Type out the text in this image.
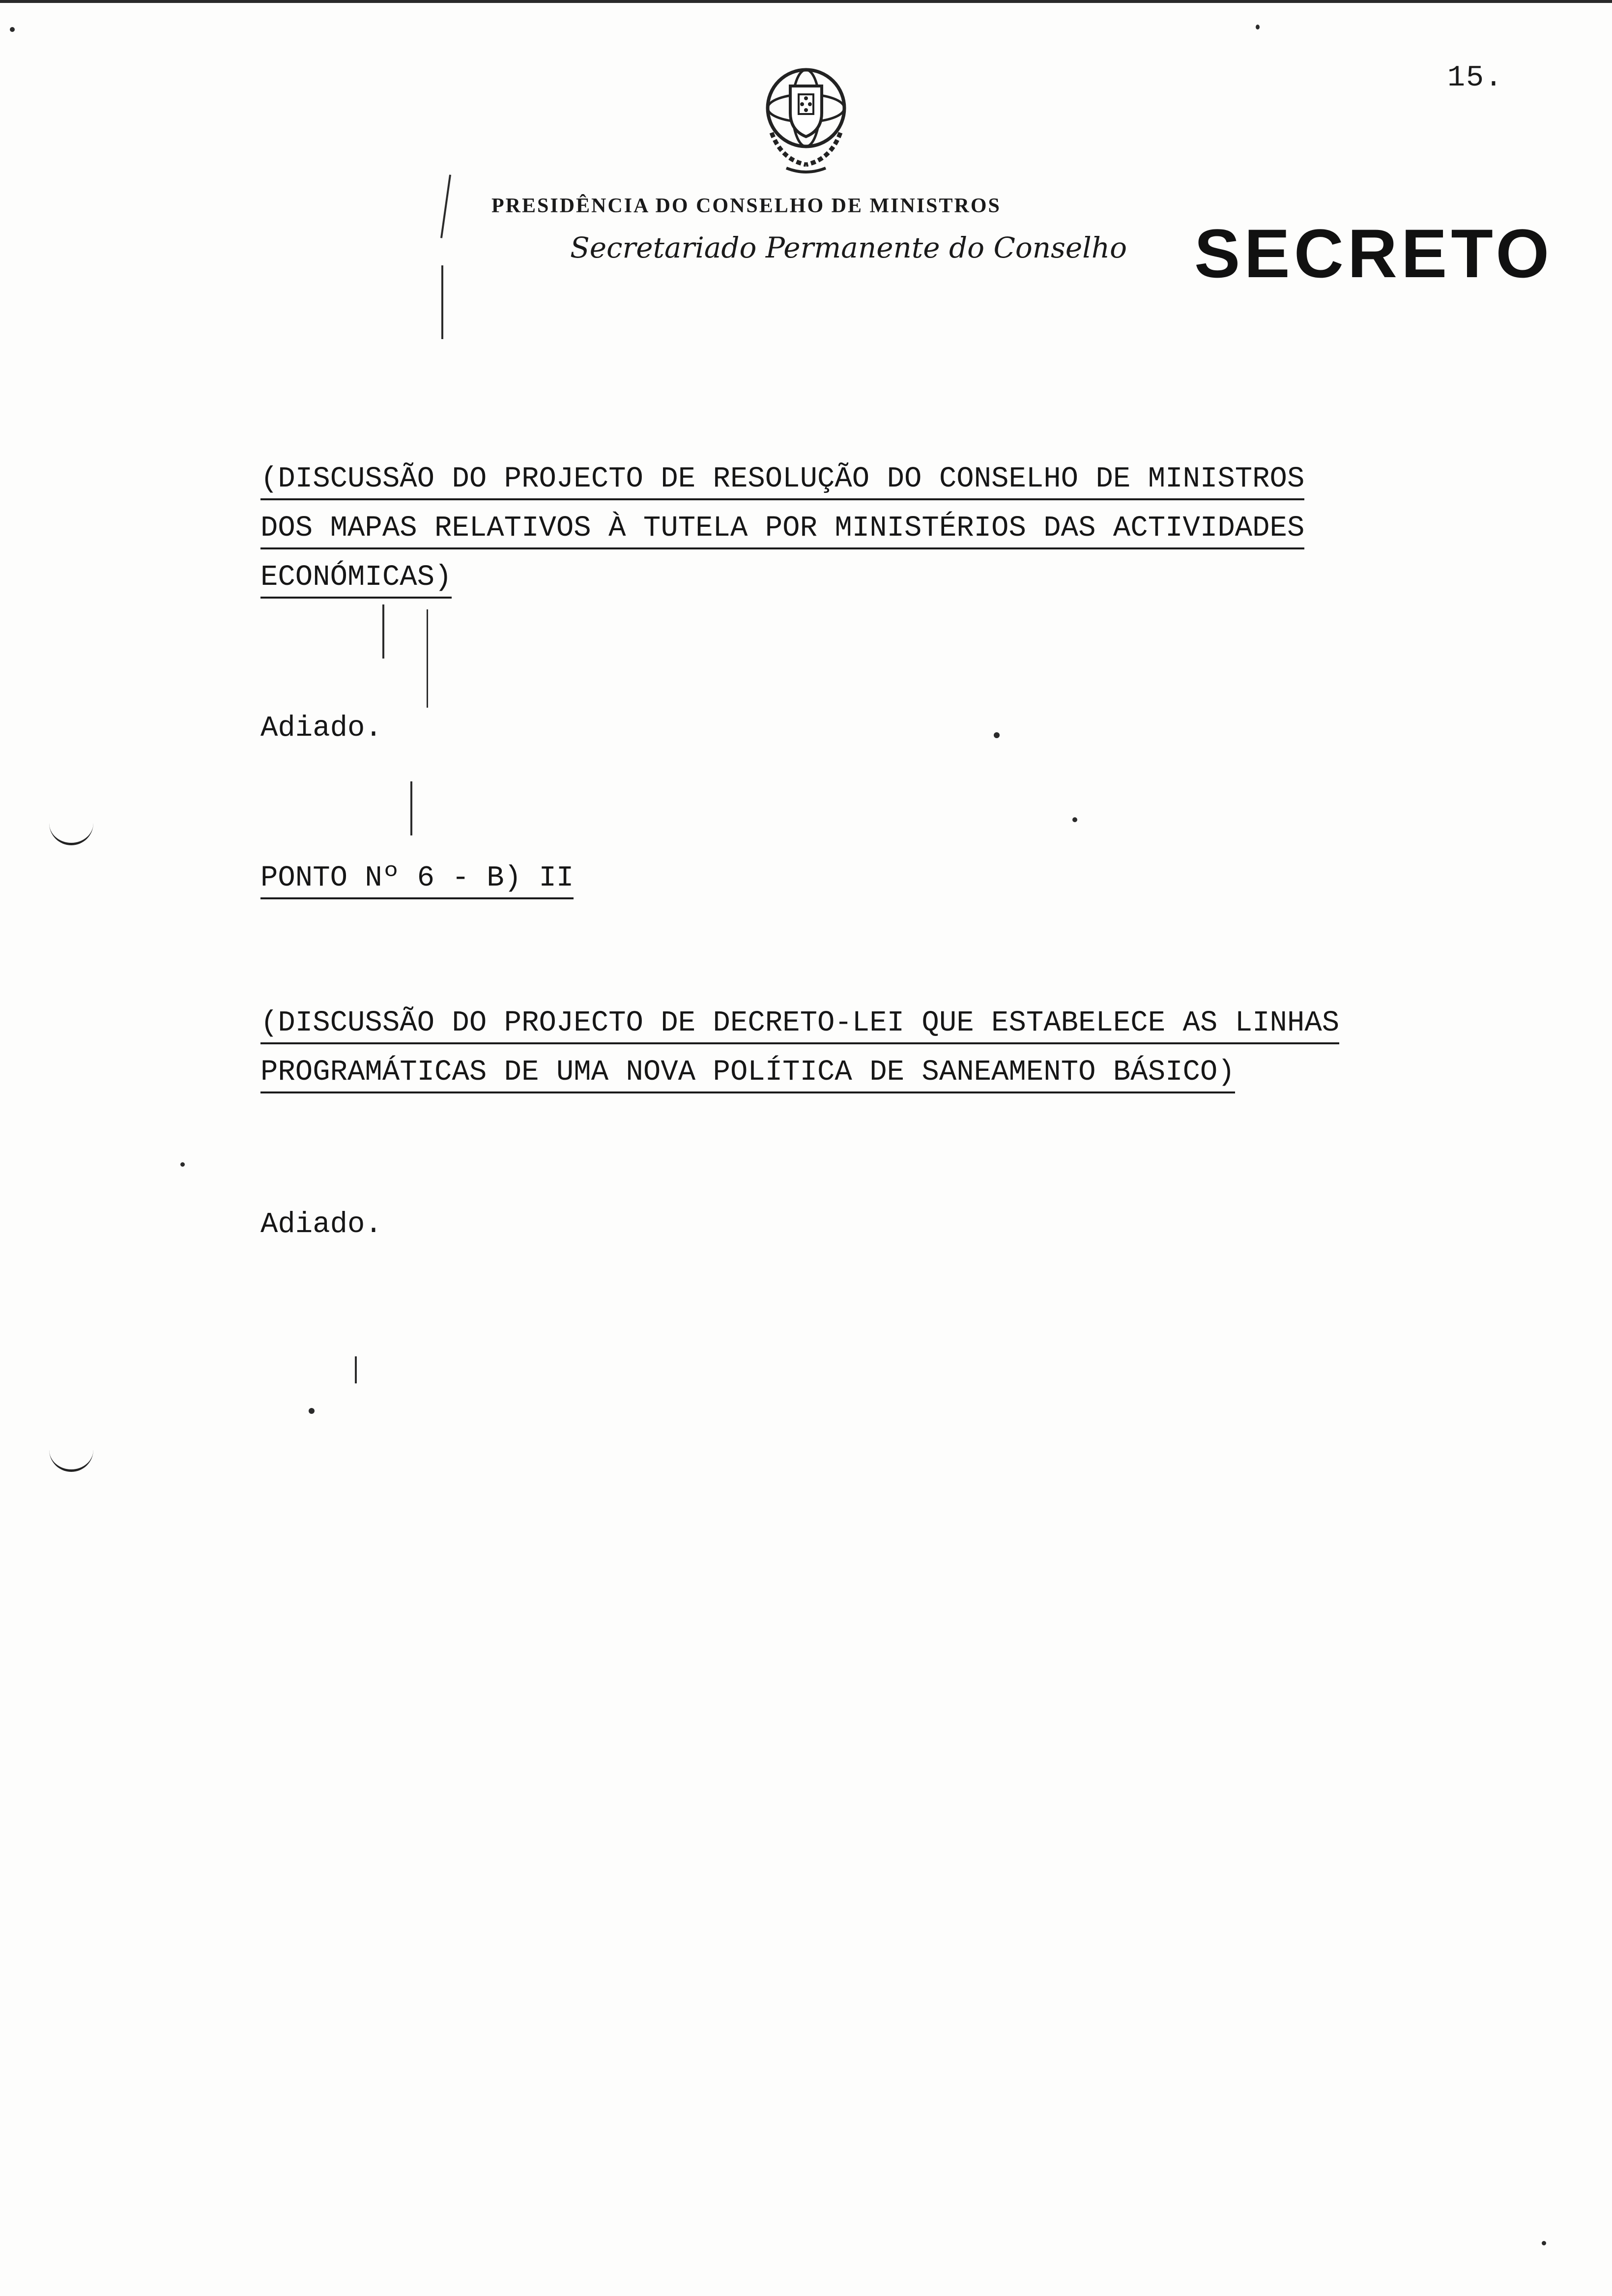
15.
PRESIDÊNCIA DO CONSELHO DE MINISTROS
Secretariado Permanente do Conselho SECRETO
(DISCUSSÃO DO PROJECTO DE RESOLUÇÃO DO CONSELHO DE MINISTROS
DOS MAPAS RELATIVOS À TUTELA POR MINISTÉRIOS DAS ACTIVIDADES
ECONÓMICAS)
Adiado.
PONTO Nº 6 - B) II
(DISCUSSÃO DO PROJECTO DE DECRETO-LEI QUE ESTABELECE AS LINHAS
PROGRAMÁTICAS DE UMA NOVA POLÍTICA DE SANEAMENTO BÁSICO)
Adiado.
